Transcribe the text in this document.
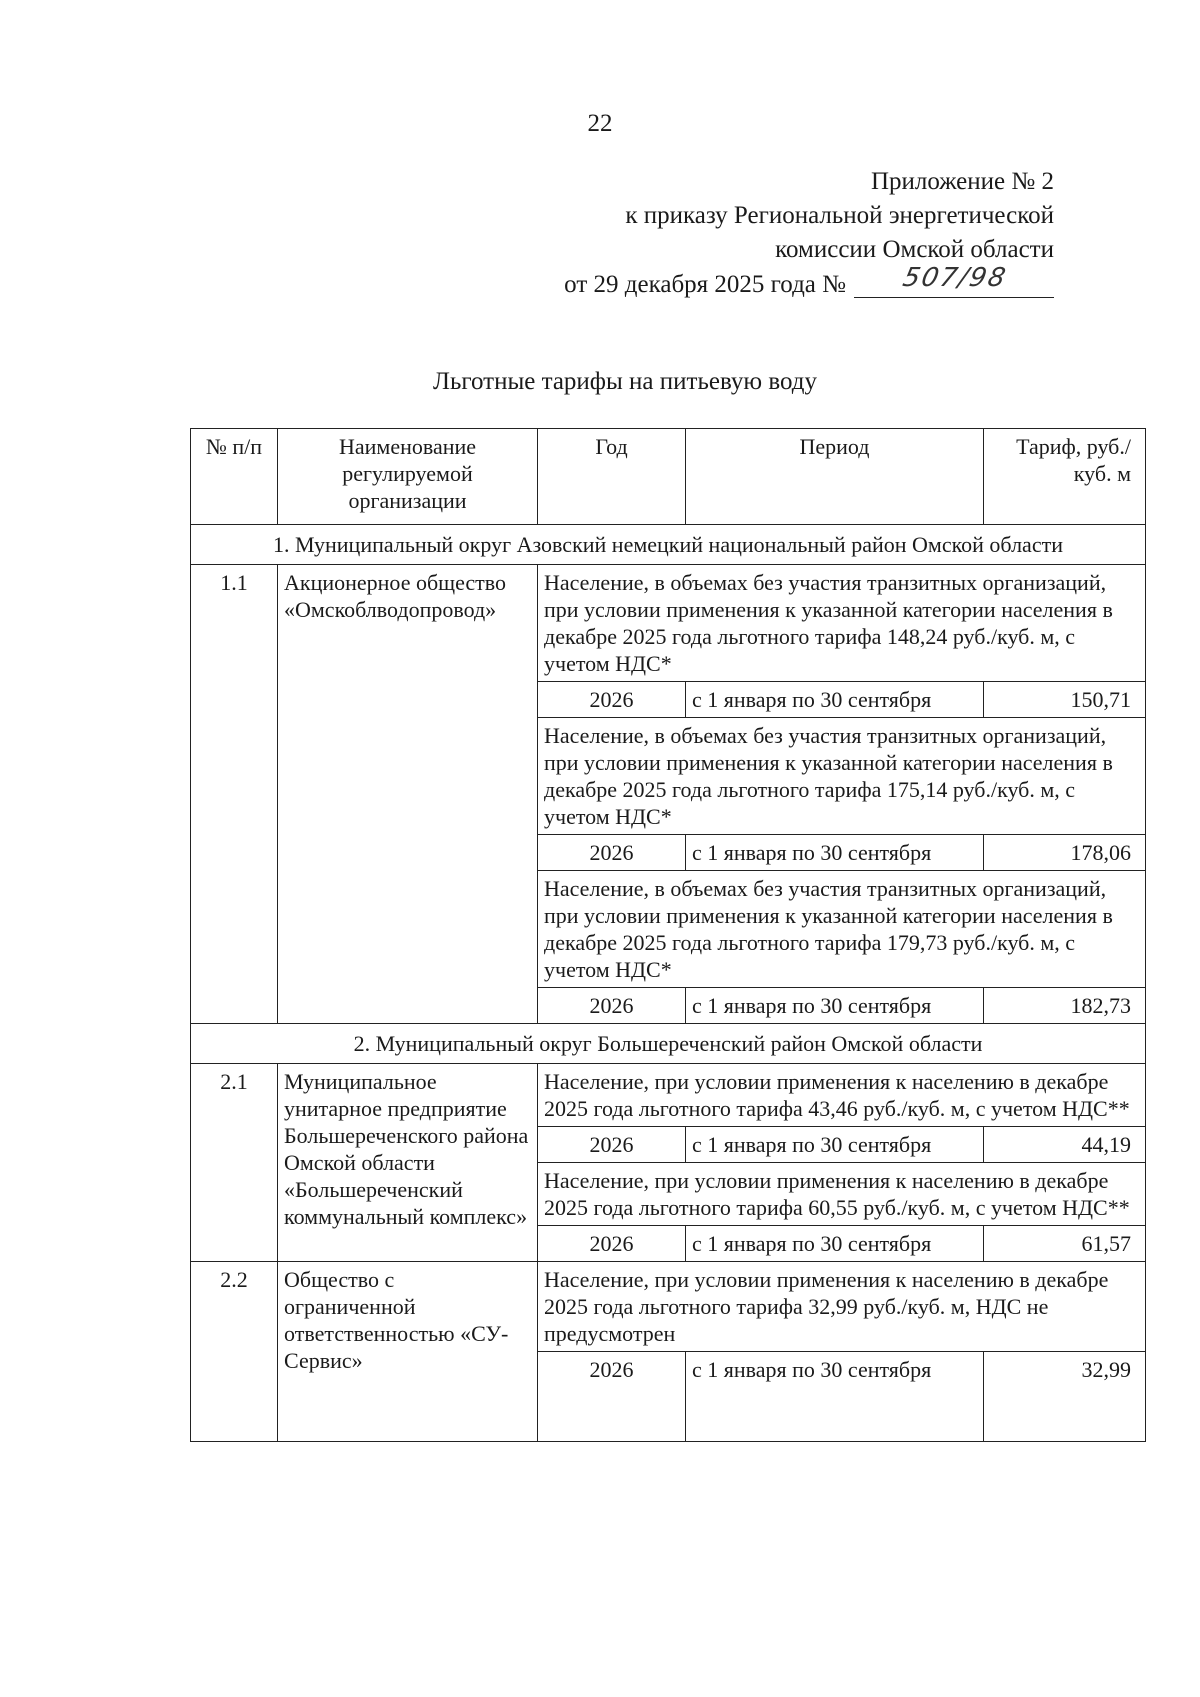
22
Приложение № 2
к приказу Региональной энергетической
комиссии Омской области
от 29 декабря 2025 года № 507/98
Льготные тарифы на питьевую воду
№ п/п	Наименование регулируемой организации	Год	Период	Тариф, руб./куб. м
1. Муниципальный округ Азовский немецкий национальный район Омской области				
1.1	Акционерное общество «Омскоблводопровод»	Население, в объемах без участия транзитных организаций, при условии применения к указанной категории населения в декабре 2025 года льготного тарифа 148,24 руб./куб. м, с учетом НДС*		
		2026	с 1 января по 30 сентября	150,71
		Население, в объемах без участия транзитных организаций, при условии применения к указанной категории населения в декабре 2025 года льготного тарифа 175,14 руб./куб. м, с учетом НДС*		
		2026	с 1 января по 30 сентября	178,06
		Население, в объемах без участия транзитных организаций, при условии применения к указанной категории населения в декабре 2025 года льготного тарифа 179,73 руб./куб. м, с учетом НДС*		
		2026	с 1 января по 30 сентября	182,73
2. Муниципальный округ Большереченский район Омской области				
2.1	Муниципальное унитарное предприятие Большереченского района Омской области «Большереченский коммунальный комплекс»	Население, при условии применения к населению в декабре 2025 года льготного тарифа 43,46 руб./куб. м, с учетом НДС**		
		2026	с 1 января по 30 сентября	44,19
		Население, при условии применения к населению в декабре 2025 года льготного тарифа 60,55 руб./куб. м, с учетом НДС**		
		2026	с 1 января по 30 сентября	61,57
2.2	Общество с ограниченной ответственностью «СУ-Сервис»	Население, при условии применения к населению в декабре 2025 года льготного тарифа 32,99 руб./куб. м, НДС не предусмотрен		
		2026	с 1 января по 30 сентября	32,99
